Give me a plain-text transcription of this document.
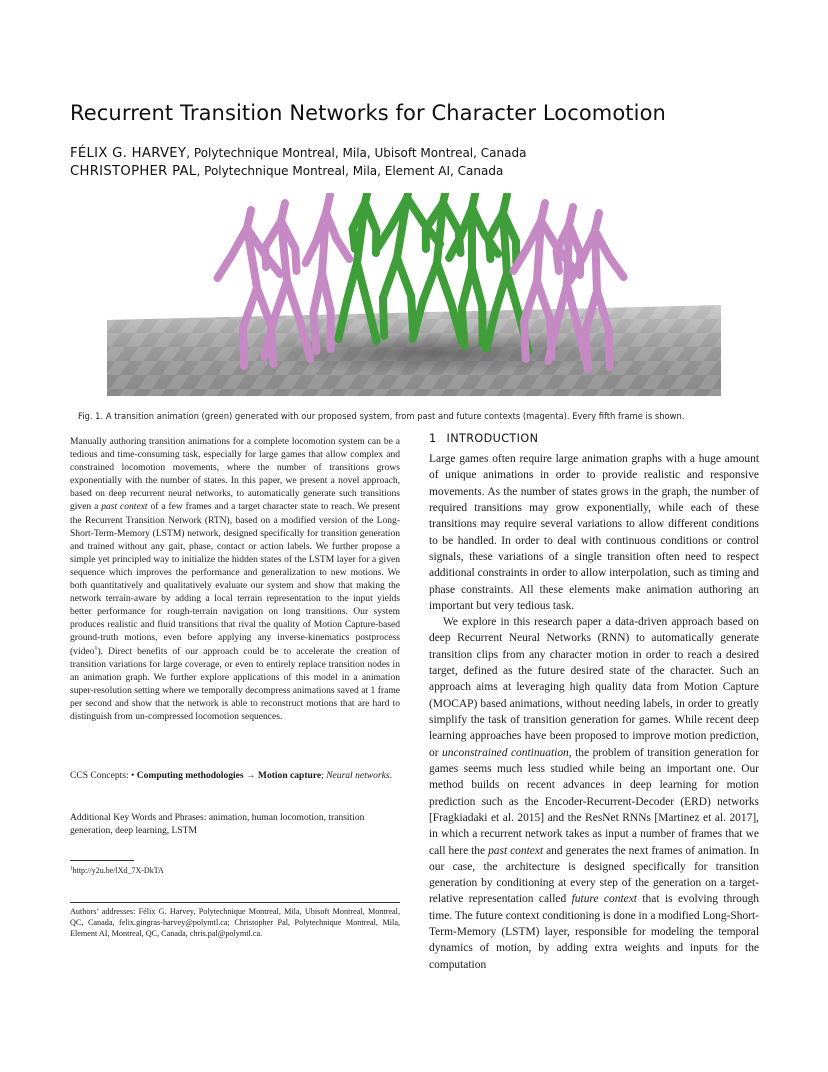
Recurrent Transition Networks for Character Locomotion
FÉLIX G. HARVEY, Polytechnique Montreal, Mila, Ubisoft Montreal, Canada
CHRISTOPHER PAL, Polytechnique Montreal, Mila, Element AI, Canada
Fig. 1. A transition animation (green) generated with our proposed system, from past and future contexts (magenta). Every fifth frame is shown.
Manually authoring transition animations for a complete locomotion system can be a tedious and time-consuming task, especially for large games that allow complex and constrained locomotion movements, where the number of transitions grows exponentially with the number of states. In this paper, we present a novel approach, based on deep recurrent neural networks, to automatically generate such transitions given a past context of a few frames and a target character state to reach. We present the Recurrent Transition Network (RTN), based on a modified version of the Long-Short-Term-Memory (LSTM) network, designed specifically for transition generation and trained without any gait, phase, contact or action labels. We further propose a simple yet principled way to initialize the hidden states of the LSTM layer for a given sequence which improves the performance and generalization to new motions. We both quantitatively and qualitatively evaluate our system and show that making the network terrain-aware by adding a local terrain representation to the input yields better performance for rough-terrain navigation on long transitions. Our system produces realistic and fluid transitions that rival the quality of Motion Capture-based ground-truth motions, even before applying any inverse-kinematics postprocess (video$^1$). Direct benefits of our approach could be to accelerate the creation of transition variations for large coverage, or even to entirely replace transition nodes in an animation graph. We further explore applications of this model in a animation super-resolution setting where we temporally decompress animations saved at 1 frame per second and show that the network is able to reconstruct motions that are hard to distinguish from un-compressed locomotion sequences.
CCS Concepts: • Computing methodologies → Motion capture; Neural networks.
Additional Key Words and Phrases: animation, human locomotion, transition generation, deep learning, LSTM
$^1$http://y2u.be/lXd_7X-DkTA
Authors’ addresses: Félix G. Harvey, Polytechnique Montreal, Mila, Ubisoft Montreal, Montreal, QC, Canada, felix.gingras-harvey@polymtl.ca; Christopher Pal, Polytechnique Montreal, Mila, Element AI, Montreal, QC, Canada, chris.pal@polymtl.ca.
1 INTRODUCTION

Large games often require large animation graphs with a huge amount of unique animations in order to provide realistic and responsive movements. As the number of states grows in the graph, the number of required transitions may grow exponentially, while each of these transitions may require several variations to allow different conditions to be handled. In order to deal with continuous conditions or control signals, these variations of a single transition often need to respect additional constraints in order to allow interpolation, such as timing and phase constraints. All these elements make animation authoring an important but very tedious task.

We explore in this research paper a data-driven approach based on deep Recurrent Neural Networks (RNN) to automatically generate transition clips from any character motion in order to reach a desired target, defined as the future desired state of the character. Such an approach aims at leveraging high quality data from Motion Capture (MOCAP) based animations, without needing labels, in order to greatly simplify the task of transition generation for games. While recent deep learning approaches have been proposed to improve motion prediction, or unconstrained continuation, the problem of transition generation for games seems much less studied while being an important one. Our method builds on recent advances in deep learning for motion prediction such as the Encoder-Recurrent-Decoder (ERD) networks [Fragkiadaki et al. 2015] and the ResNet RNNs [Martinez et al. 2017], in which a recurrent network takes as input a number of frames that we call here the past context and generates the next frames of animation. In our case, the architecture is designed specifically for transition generation by conditioning at every step of the generation on a target-relative representation called future context that is evolving through time. The future context conditioning is done in a modified Long-Short-Term-Memory (LSTM) layer, responsible for modeling the temporal dynamics of motion, by adding extra weights and inputs for the computation
